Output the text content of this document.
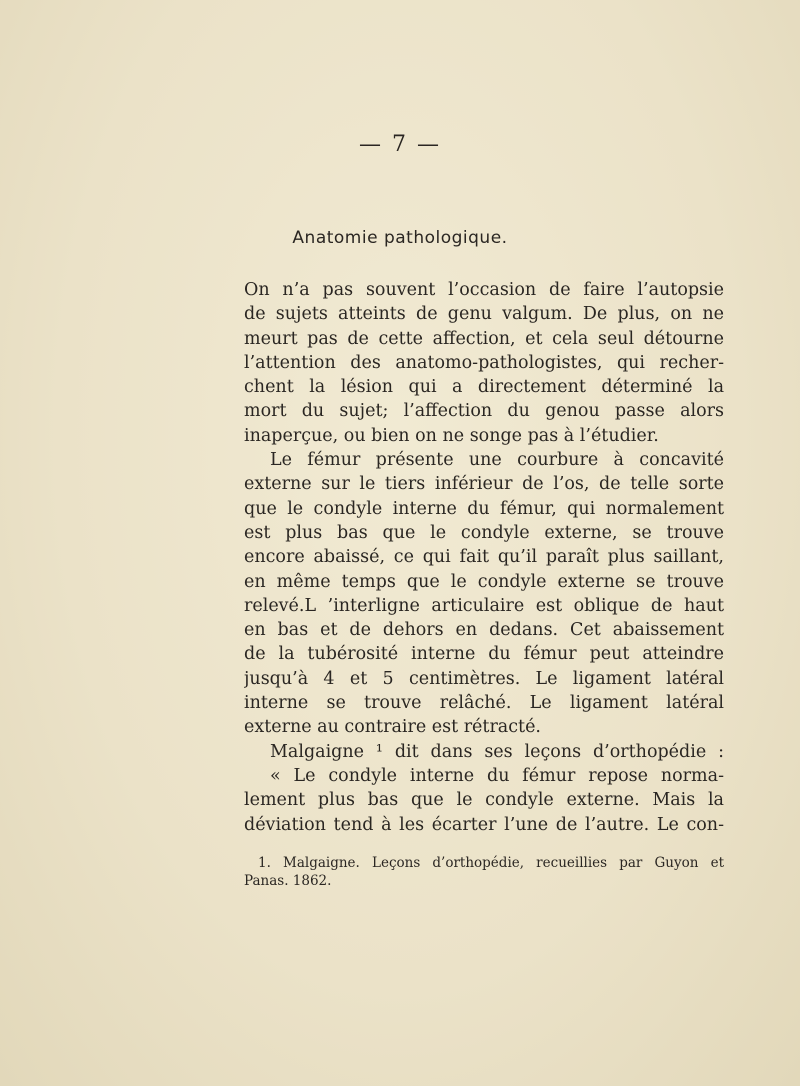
— 7 —
Anatomie pathologique.
On n’a pas souvent l’occasion de faire l’autopsie
de sujets atteints de genu valgum. De plus, on ne
meurt pas de cette affection, et cela seul détourne
l’attention des anatomo-pathologistes, qui recher-
chent la lésion qui a directement déterminé la
mort du sujet; l’affection du genou passe alors
inaperçue, ou bien on ne songe pas à l’étudier.
Le fémur présente une courbure à concavité
externe sur le tiers inférieur de l’os, de telle sorte
que le condyle interne du fémur, qui normalement
est plus bas que le condyle externe, se trouve
encore abaissé, ce qui fait qu’il paraît plus saillant,
en même temps que le condyle externe se trouve
relevé.L ’interligne articulaire est oblique de haut
en bas et de dehors en dedans. Cet abaissement
de la tubérosité interne du fémur peut atteindre
jusqu’à 4 et 5 centimètres. Le ligament latéral
interne se trouve relâché. Le ligament latéral
externe au contraire est rétracté.
Malgaigne ¹ dit dans ses leçons d’orthopédie :
« Le condyle interne du fémur repose norma-
lement plus bas que le condyle externe. Mais la
déviation tend à les écarter l’une de l’autre. Le con-
1. Malgaigne. Leçons d’orthopédie, recueillies par Guyon et
Panas. 1862.
